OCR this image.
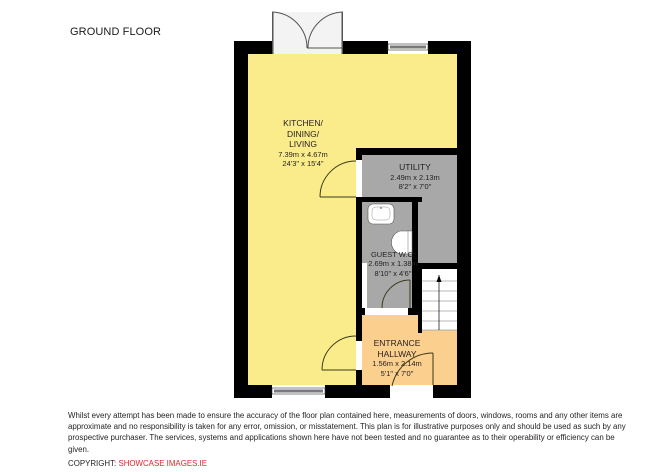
GROUND FLOOR
KITCHEN/
DINING/
LIVING
7.39m x 4.67m
24'3" x 15'4"	UTILITY
2.49m x 2.13m
8'2" x 7'0"
GUEST W.C.
2.69m x 1.38m
8'10" x 4'6"
ENTRANCE
HALLWAY
1.56m x 2.14m
5'1" x 7'0"
Whilst every attempt has been made to ensure the accuracy of the floor plan contained here, measurements of doors, windows, rooms and any other items are approximate and no responsibility is taken for any error, omission, or misstatement. This plan is for illustrative purposes only and should be used as such by any prospective purchaser. The services, systems and applications shown here have not been tested and no guarantee as to their operability or efficiency can be given.
COPYRIGHT: SHOWCASE IMAGES.IE
